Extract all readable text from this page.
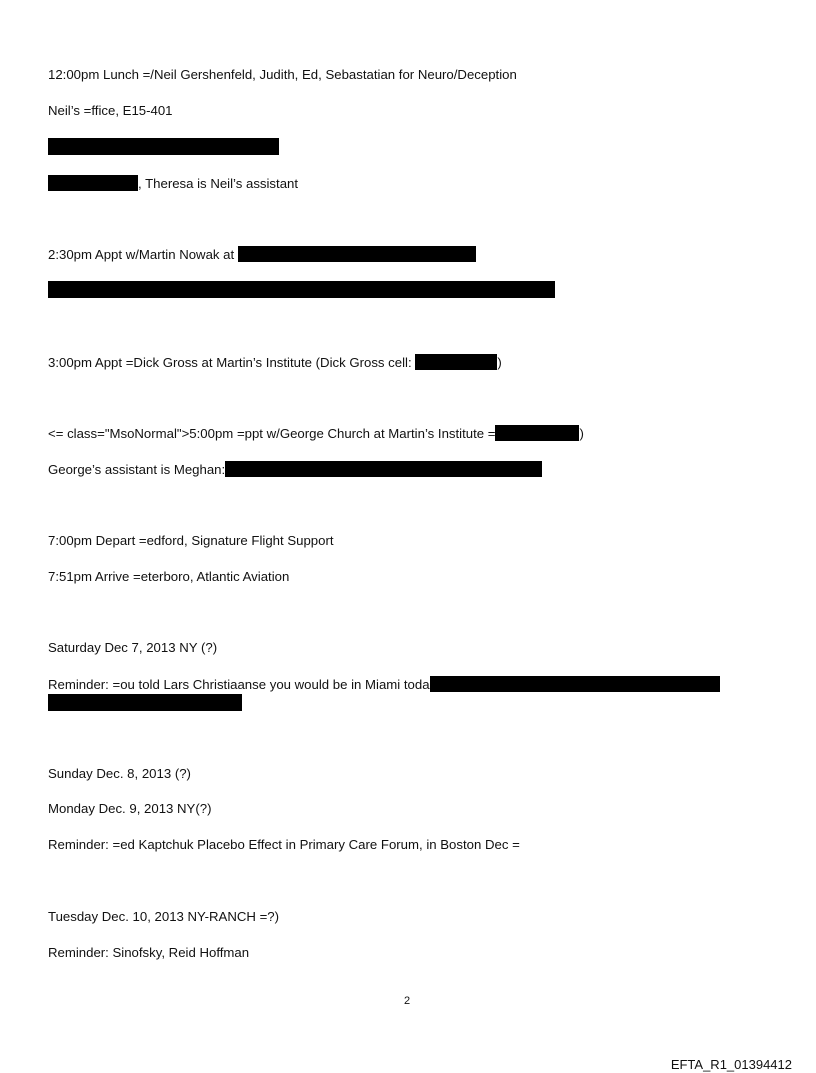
12:00pm Lunch =/Neil Gershenfeld, Judith, Ed, Sebastatian for Neuro/Deception
Neil’s =ffice, E15-401
, Theresa is Neil’s assistant
2:30pm Appt w/Martin Nowak at
3:00pm Appt =Dick Gross at Martin’s Institute (Dick Gross cell:	)
<= class="MsoNormal">5:00pm =ppt w/George Church at Martin’s Institute =	)
George’s assistant is Meghan:
7:00pm Depart =edford, Signature Flight Support
7:51pm Arrive =eterboro, Atlantic Aviation
Saturday Dec 7, 2013 NY (?)
Reminder: =ou told Lars Christiaanse you would be in Miami toda
Sunday Dec. 8, 2013 (?)
Monday Dec. 9, 2013 NY(?)
Reminder: =ed Kaptchuk Placebo Effect in Primary Care Forum, in Boston Dec =
Tuesday Dec. 10, 2013 NY-RANCH =?)
Reminder: Sinofsky, Reid Hoffman
2
EFTA_R1_01394412
